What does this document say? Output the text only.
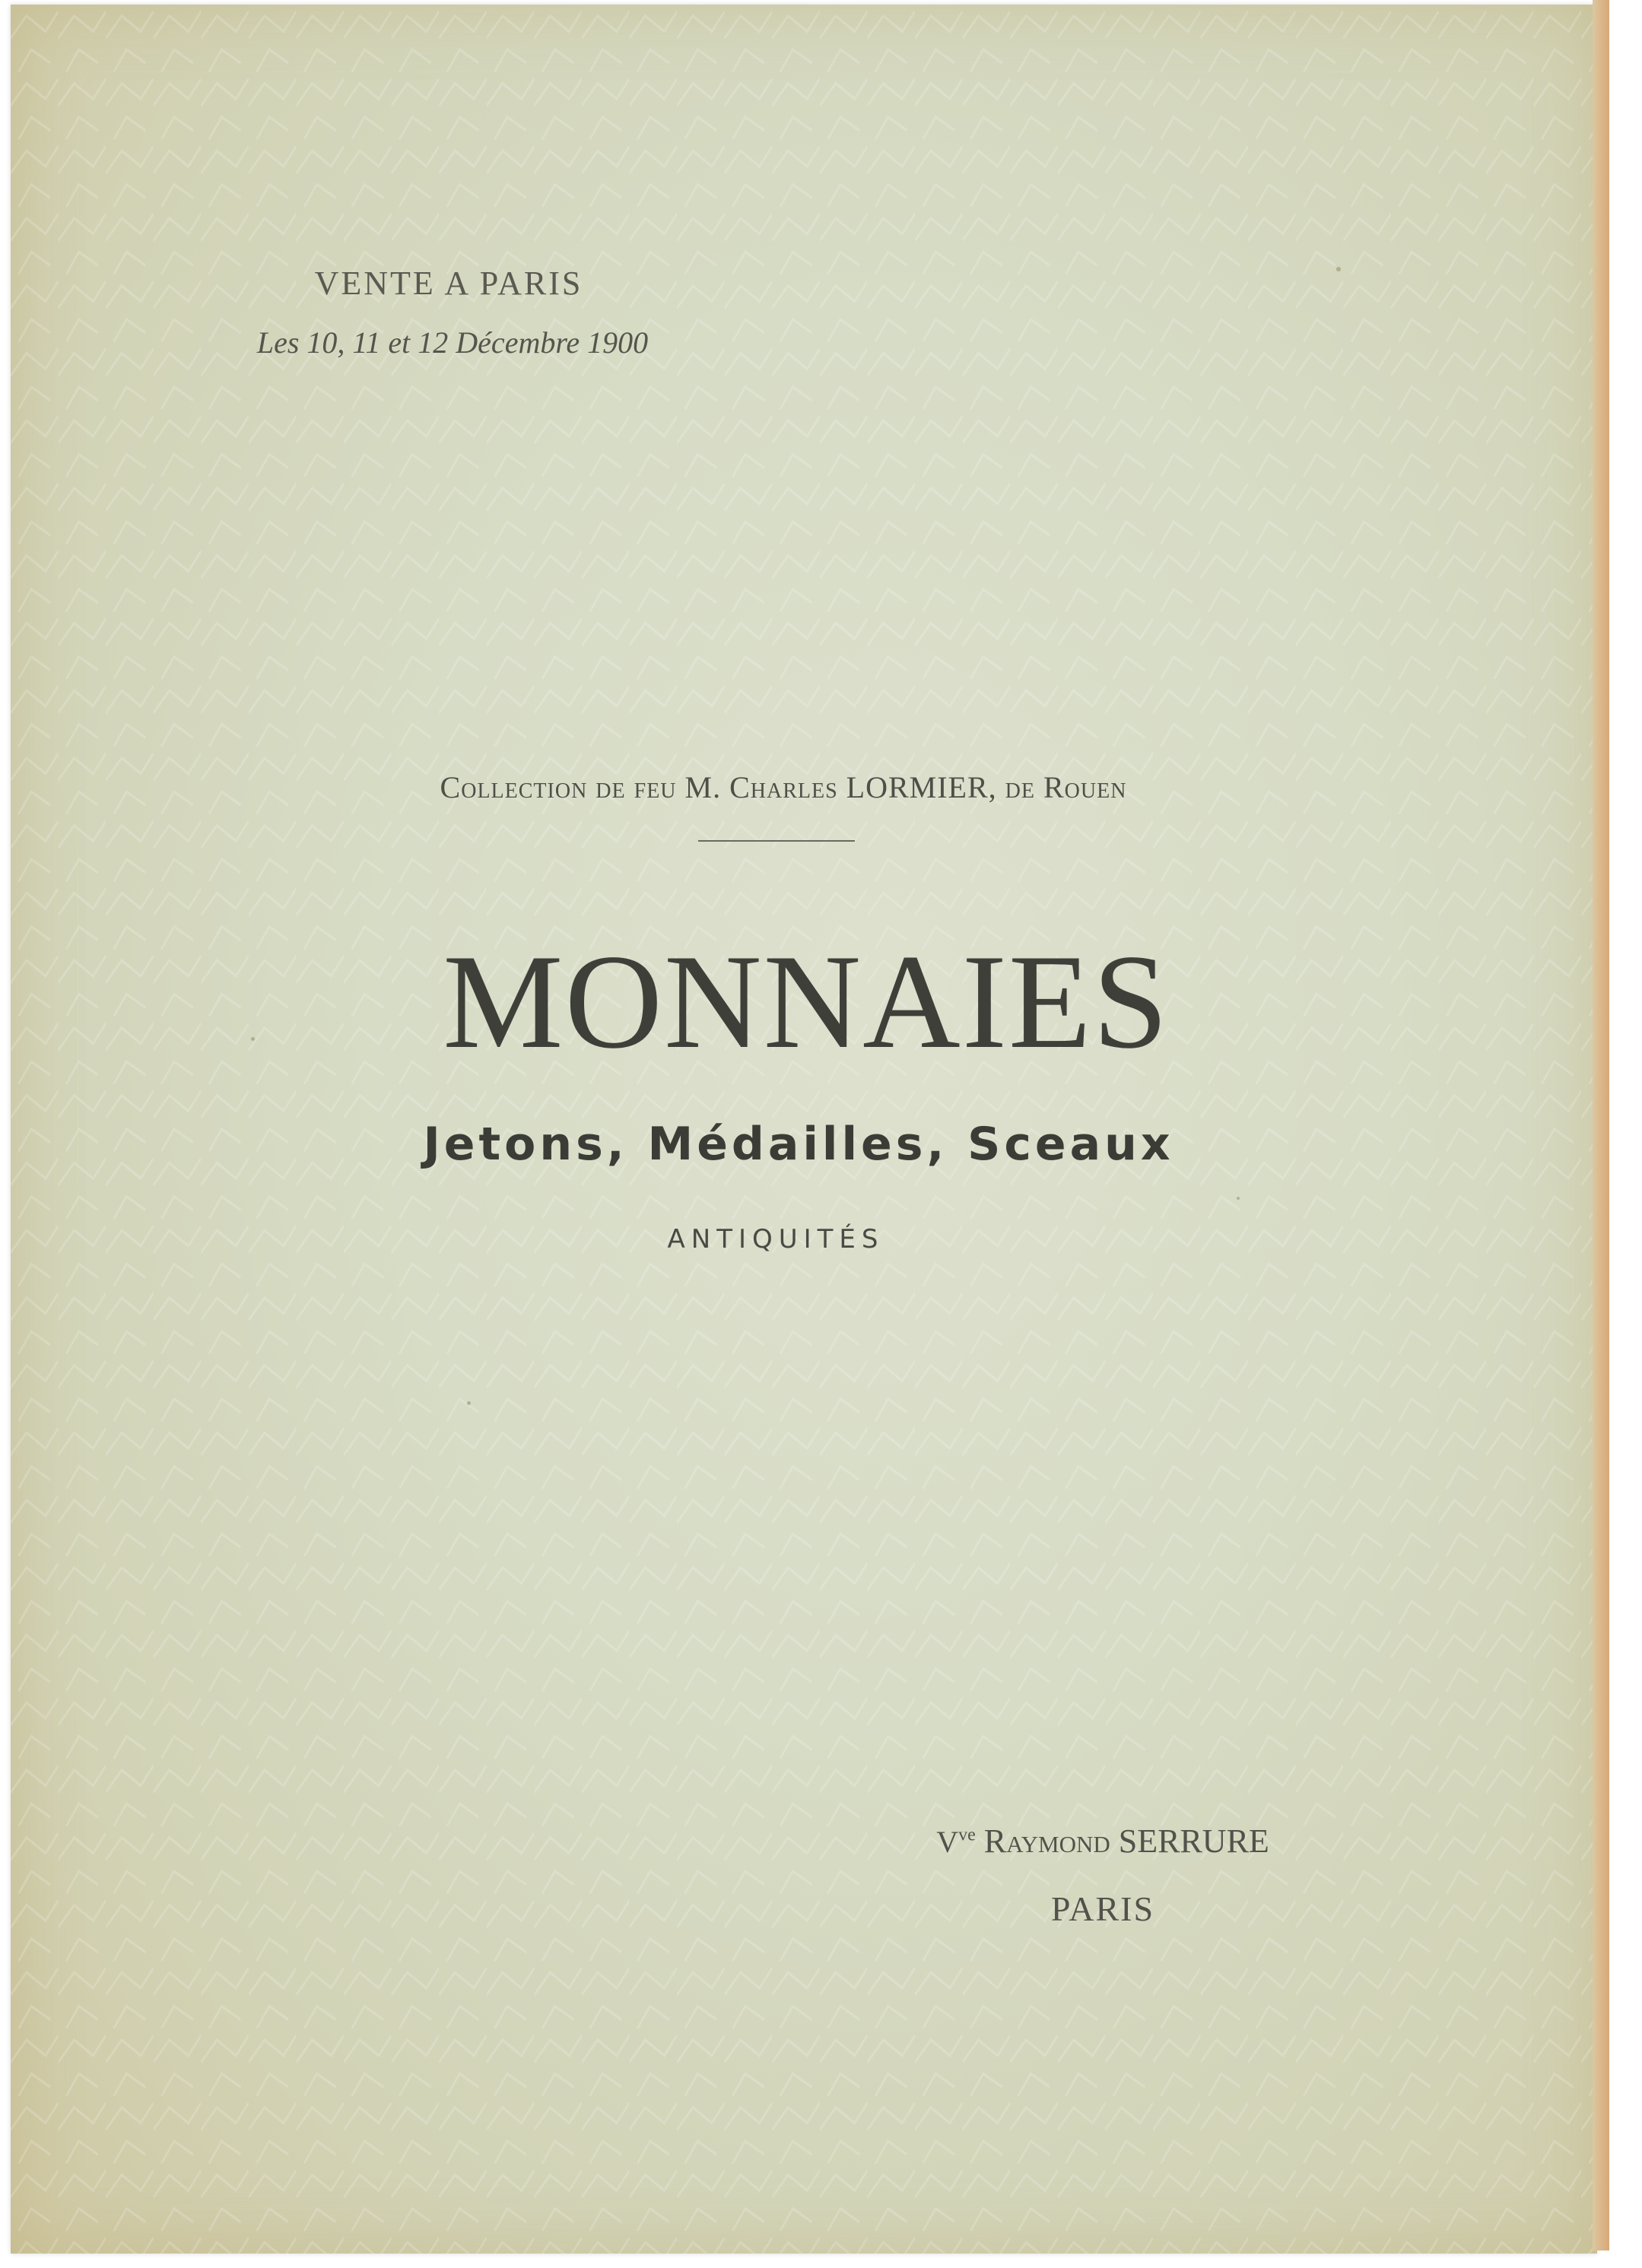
VENTE A PARIS
Les 10, 11 et 12 Décembre 1900
Collection de feu M. Charles LORMIER, de Rouen
MONNAIES
Jetons, Médailles, Sceaux
ANTIQUITÉS
$V^{ve}$ Raymond SERRURE
PARIS
